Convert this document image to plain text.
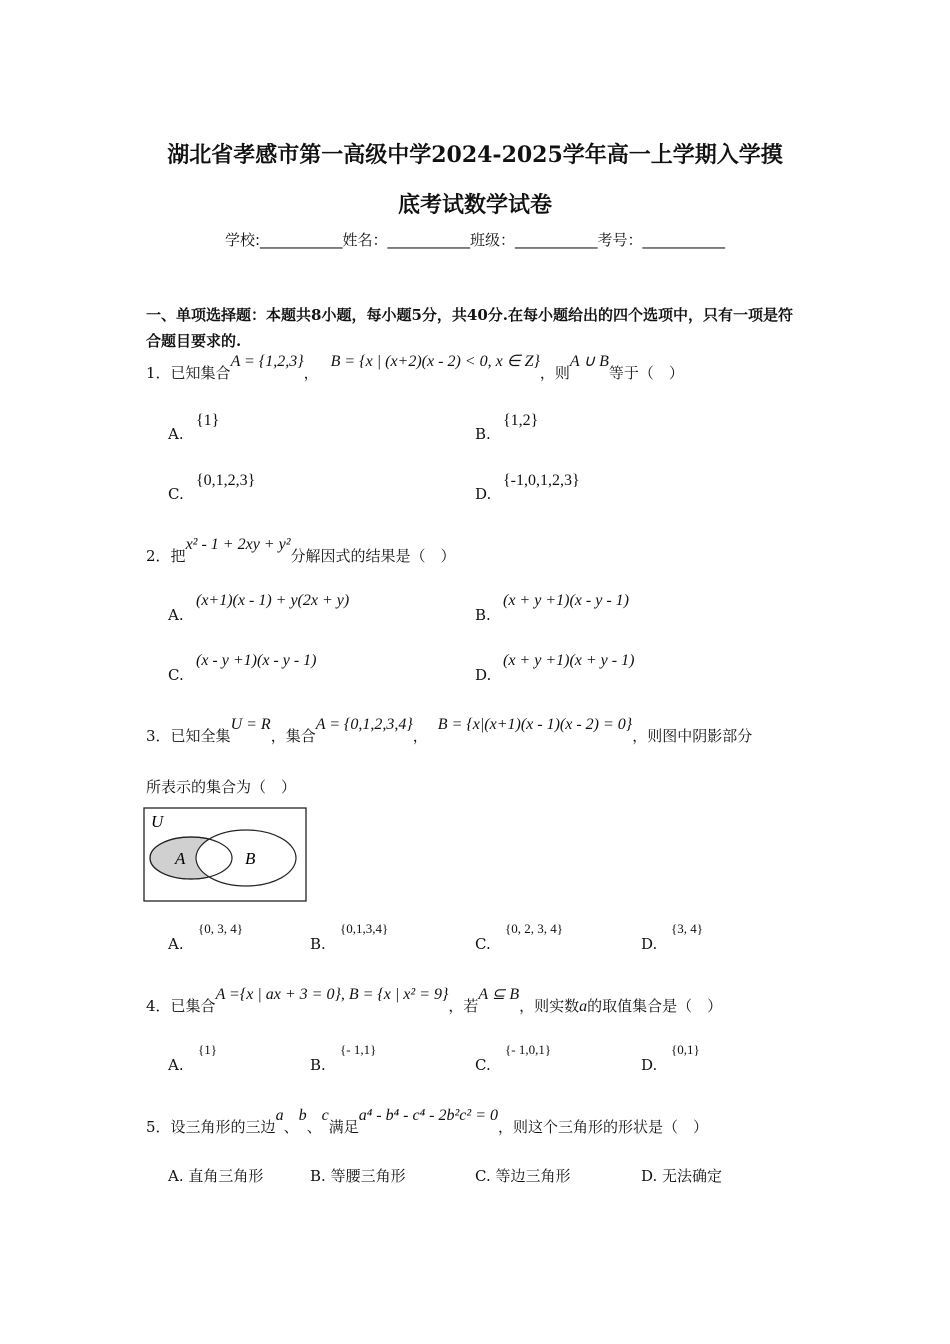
湖北省孝感市第一高级中学2024-2025学年高一上学期入学摸
底考试数学试卷
学校:___________姓名：___________班级：___________考号：___________
一、单项选择题：本题共8小题，每小题5分，共40分.在每小题给出的四个选项中，只有一项是符合题目要求的.
1．已知集合A = {1,2,3}，B = {x | (x+2)(x - 2) < 0, x ∈ Z}，则A ∪ B等于（　）
A.
{1}
B.
{1,2}
C.
{0,1,2,3}
D.
{-1,0,1,2,3}
2．把x² - 1 + 2xy + y²分解因式的结果是（　）
A.
(x+1)(x - 1) + y(2x + y)
B.
(x + y +1)(x - y - 1)
C.
(x - y +1)(x - y - 1)
D.
(x + y +1)(x + y - 1)
3．已知全集U = R，集合A = {0,1,2,3,4}，B = {x|(x+1)(x - 1)(x - 2) = 0}，则图中阴影部分
所表示的集合为（　）
U
A	B
A.
{0, 3, 4}
B.
{0,1,3,4}
C.
{0, 2, 3, 4}
D.
{3, 4}
4．已集合A ={x | ax + 3 = 0}, B = {x | x² = 9}，若A ⊆ B，则实数a的取值集合是（　）
A.
{1}
B.
{- 1,1}
C.
{- 1,0,1}
D.
{0,1}
5．设三角形的三边a、b、c满足a⁴ - b⁴ - c⁴ - 2b²c² = 0，则这个三角形的形状是（　）
A. 直角三角形	B. 等腰三角形	C. 等边三角形	D. 无法确定
